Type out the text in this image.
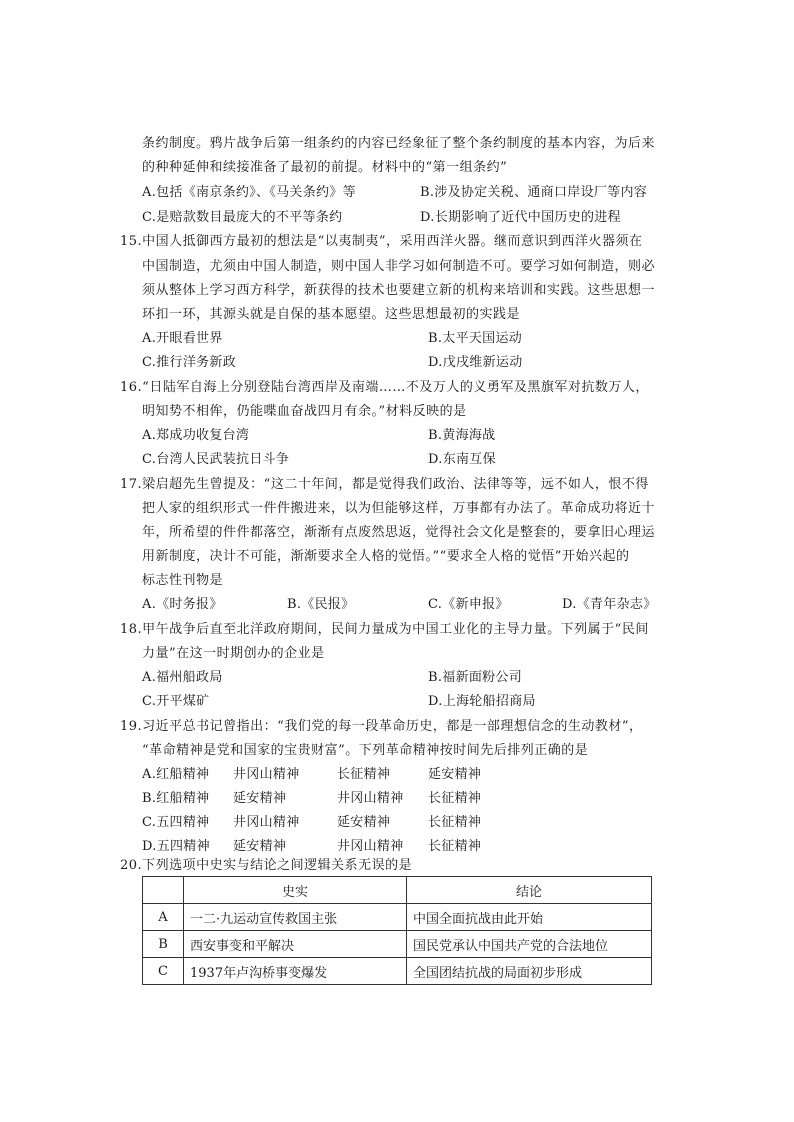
条约制度。鸦片战争后第一组条约的内容已经象征了整个条约制度的基本内容，为后来
的种种延伸和续接准备了最初的前提。材料中的“第一组条约”
A.包括《南京条约》、《马关条约》等	B.涉及协定关税、通商口岸设厂等内容
C.是赔款数目最庞大的不平等条约	D.长期影响了近代中国历史的进程
15.中国人抵御西方最初的想法是“以夷制夷”，采用西洋火器。继而意识到西洋火器须在
中国制造，尤须由中国人制造，则中国人非学习如何制造不可。要学习如何制造，则必
须从整体上学习西方科学，新获得的技术也要建立新的机构来培训和实践。这些思想一
环扣一环，其源头就是自保的基本愿望。这些思想最初的实践是
A.开眼看世界	B.太平天国运动
C.推行洋务新政	D.戊戌维新运动
16.“日陆军自海上分别登陆台湾西岸及南端……不及万人的义勇军及黑旗军对抗数万人，
明知势不相侔，仍能喋血奋战四月有余。”材料反映的是
A.郑成功收复台湾	B.黄海海战
C.台湾人民武装抗日斗争	D.东南互保
17.梁启超先生曾提及：“这二十年间，都是觉得我们政治、法律等等，远不如人，恨不得
把人家的组织形式一件件搬进来，以为但能够这样，万事都有办法了。革命成功将近十
年，所希望的件件都落空，渐渐有点废然思返，觉得社会文化是整套的，要拿旧心理运
用新制度，决计不可能，渐渐要求全人格的觉悟。”“要求全人格的觉悟”开始兴起的
标志性刊物是
A.《时务报》	B.《民报》	C.《新申报》	D.《青年杂志》
18.甲午战争后直至北洋政府期间，民间力量成为中国工业化的主导力量。下列属于“民间
力量”在这一时期创办的企业是
A.福州船政局	B.福新面粉公司
C.开平煤矿	D.上海轮船招商局
19.习近平总书记曾指出：“我们党的每一段革命历史，都是一部理想信念的生动教材”，
“革命精神是党和国家的宝贵财富”。下列革命精神按时间先后排列正确的是
A.红船精神 井冈山精神	长征精神	延安精神
B.红船精神 延安精神	井冈山精神 长征精神
C.五四精神 井冈山精神	延安精神	长征精神
D.五四精神 延安精神	井冈山精神 长征精神
20.下列选项中史实与结论之间逻辑关系无误的是
	史实	结论
A	一二·九运动宣传救国主张	中国全面抗战由此开始
B	西安事变和平解决	国民党承认中国共产党的合法地位
C	1937年卢沟桥事变爆发	全国团结抗战的局面初步形成
